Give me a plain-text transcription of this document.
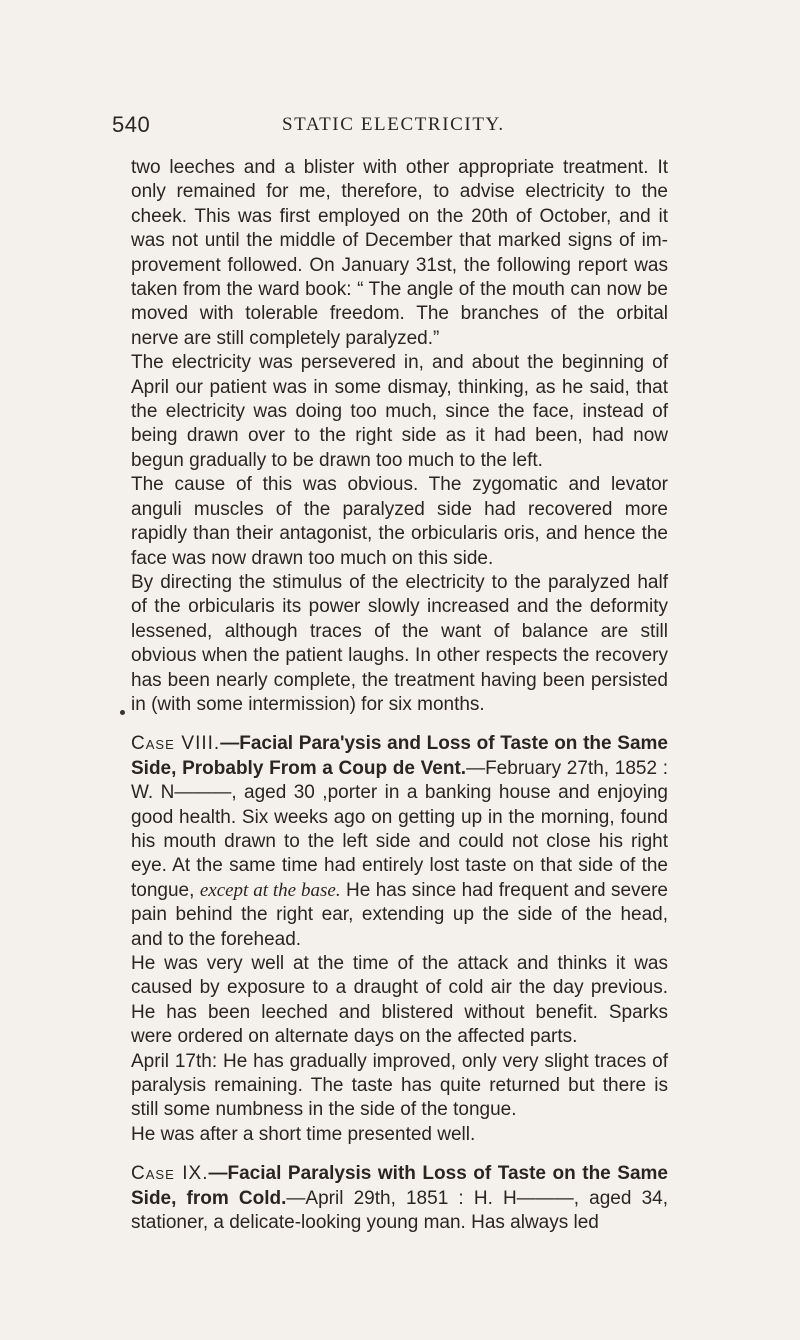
540	STATIC ELECTRICITY.

two leeches and a blister with other appropriate treatment. It only remained for me, therefore, to advise electricity to the cheek. This was first employed on the 20th of October, and it was not until the middle of December that marked signs of improvement followed. On January 31st, the following report was taken from the ward book: “ The angle of the mouth can now be moved with tolerable freedom. The branches of the orbital nerve are still completely paralyzed.”

The electricity was persevered in, and about the beginning of April our patient was in some dismay, thinking, as he said, that the electricity was doing too much, since the face, instead of being drawn over to the right side as it had been, had now begun gradually to be drawn too much to the left.

The cause of this was obvious. The zygomatic and levator anguli muscles of the paralyzed side had recovered more rapidly than their antagonist, the orbicularis oris, and hence the face was now drawn too much on this side.

By directing the stimulus of the electricity to the paralyzed half of the orbicularis its power slowly increased and the deformity lessened, although traces of the want of balance are still obvious when the patient laughs. In other respects the recovery has been nearly complete, the treatment having been persisted in (with some intermission) for six months.

Case VIII.—Facial Para'ysis and Loss of Taste on the Same Side, Probably From a Coup de Vent.—February 27th, 1852 : W. N———, aged 30 ,porter in a banking house and enjoying good health. Six weeks ago on getting up in the morning, found his mouth drawn to the left side and could not close his right eye. At the same time had entirely lost taste on that side of the tongue, except at the base. He has since had frequent and severe pain behind the right ear, extending up the side of the head, and to the forehead.

He was very well at the time of the attack and thinks it was caused by exposure to a draught of cold air the day previous. He has been leeched and blistered without benefit. Sparks were ordered on alternate days on the affected parts.

April 17th: He has gradually improved, only very slight traces of paralysis remaining. The taste has quite returned but there is still some numbness in the side of the tongue.

He was after a short time presented well.

Case IX.—Facial Paralysis with Loss of Taste on the Same Side, from Cold.—April 29th, 1851 : H. H———, aged 34, stationer, a delicate-looking young man. Has always led
